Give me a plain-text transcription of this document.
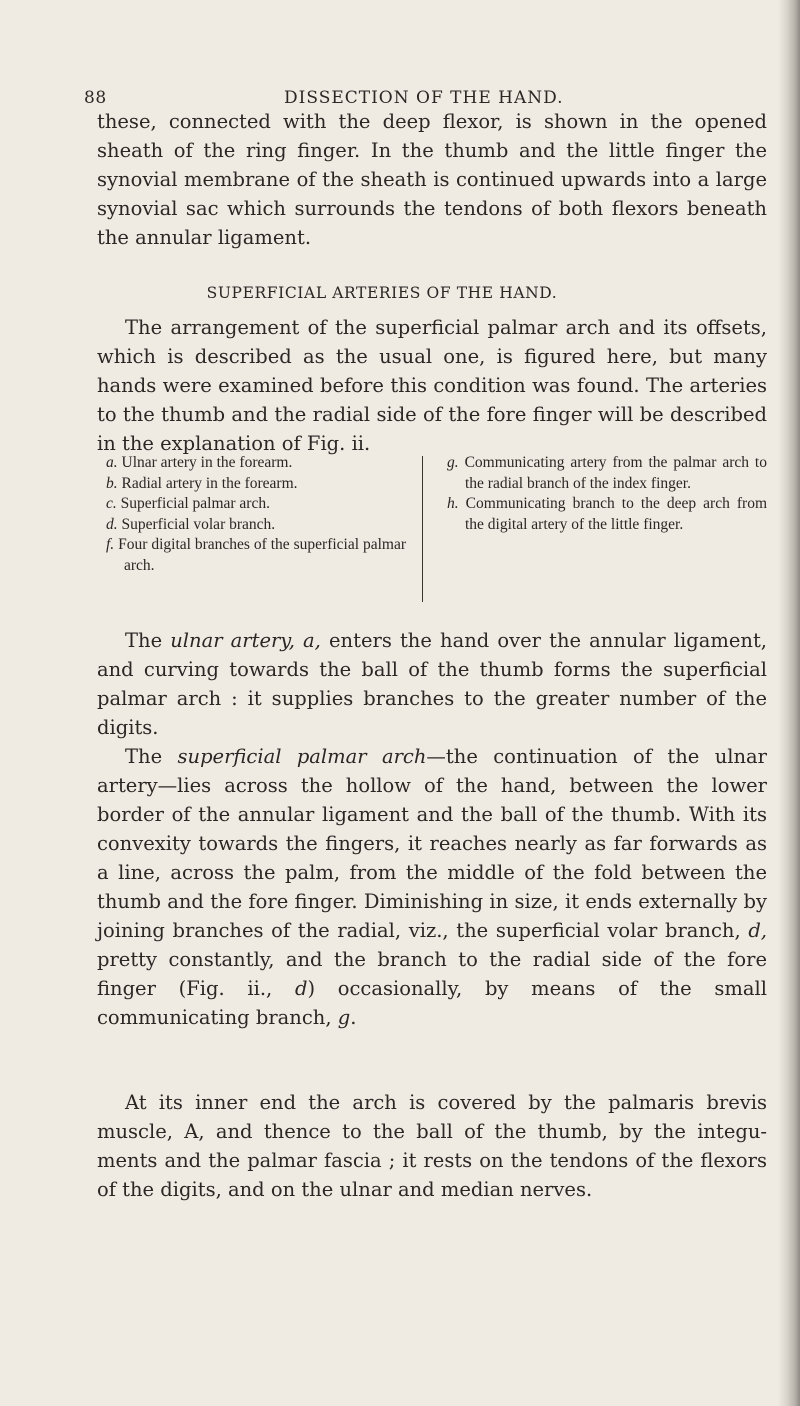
88	DISSECTION OF THE HAND.

these, connected with the deep flexor, is shown in the opened sheath of the ring finger. In the thumb and the little finger the synovial membrane of the sheath is continued upwards into a large synovial sac which surrounds the tendons of both flexors beneath the annular ligament.

SUPERFICIAL ARTERIES OF THE HAND.

The arrangement of the superficial palmar arch and its offsets, which is described as the usual one, is figured here, but many hands were examined before this condition was found. The arteries to the thumb and the radial side of the fore finger will be described in the explanation of Fig. ii.

a. Ulnar artery in the forearm.

b. Radial artery in the forearm.

c. Superficial palmar arch.

d. Superficial volar branch.

f. Four digital branches of the superficial palmar arch.

g. Communicating artery from the palmar arch to the radial branch of the index finger.

h. Communicating branch to the deep arch from the digital artery of the little finger.

The ulnar artery, a, enters the hand over the annular ligament, and curving towards the ball of the thumb forms the superficial palmar arch : it supplies branches to the greater number of the digits.

The superficial palmar arch—the continuation of the ulnar artery—lies across the hollow of the hand, between the lower border of the annular ligament and the ball of the thumb. With its convexity towards the fingers, it reaches nearly as far forwards as a line, across the palm, from the middle of the fold between the thumb and the fore finger. Diminishing in size, it ends externally by joining branches of the radial, viz., the superficial volar branch, d, pretty constantly, and the branch to the radial side of the fore finger (Fig. ii., d) occasionally, by means of the small communicating branch, g.

At its inner end the arch is covered by the palmaris brevis muscle, A, and thence to the ball of the thumb, by the integu- ments and the palmar fascia ; it rests on the tendons of the flexors of the digits, and on the ulnar and median nerves.
